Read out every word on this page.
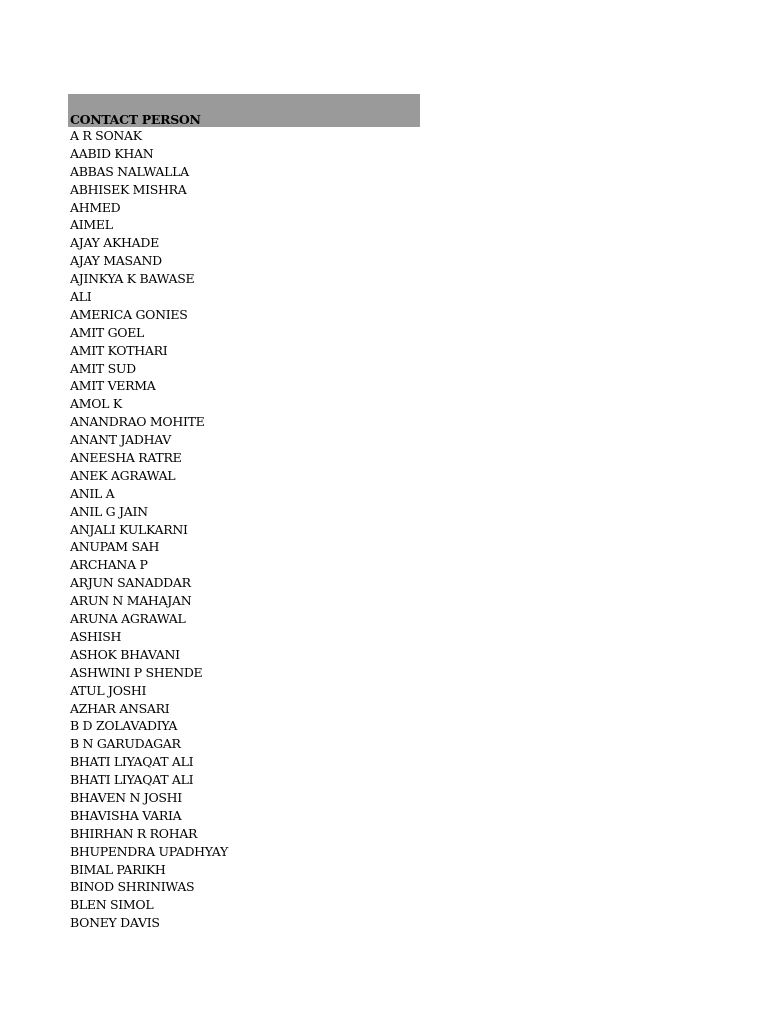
CONTACT PERSON
A R SONAK
AABID KHAN
ABBAS NALWALLA
ABHISEK MISHRA
AHMED
AIMEL
AJAY AKHADE
AJAY MASAND
AJINKYA K BAWASE
ALI
AMERICA GONIES
AMIT GOEL
AMIT KOTHARI
AMIT SUD
AMIT VERMA
AMOL K
ANANDRAO MOHITE
ANANT JADHAV
ANEESHA RATRE
ANEK AGRAWAL
ANIL A
ANIL G JAIN
ANJALI KULKARNI
ANUPAM SAH
ARCHANA P
ARJUN SANADDAR
ARUN N MAHAJAN
ARUNA AGRAWAL
ASHISH
ASHOK BHAVANI
ASHWINI P SHENDE
ATUL JOSHI
AZHAR ANSARI
B D ZOLAVADIYA
B N GARUDAGAR
BHATI LIYAQAT ALI
BHATI LIYAQAT ALI
BHAVEN N JOSHI
BHAVISHA VARIA
BHIRHAN R ROHAR
BHUPENDRA UPADHYAY
BIMAL PARIKH
BINOD SHRINIWAS
BLEN SIMOL
BONEY DAVIS
